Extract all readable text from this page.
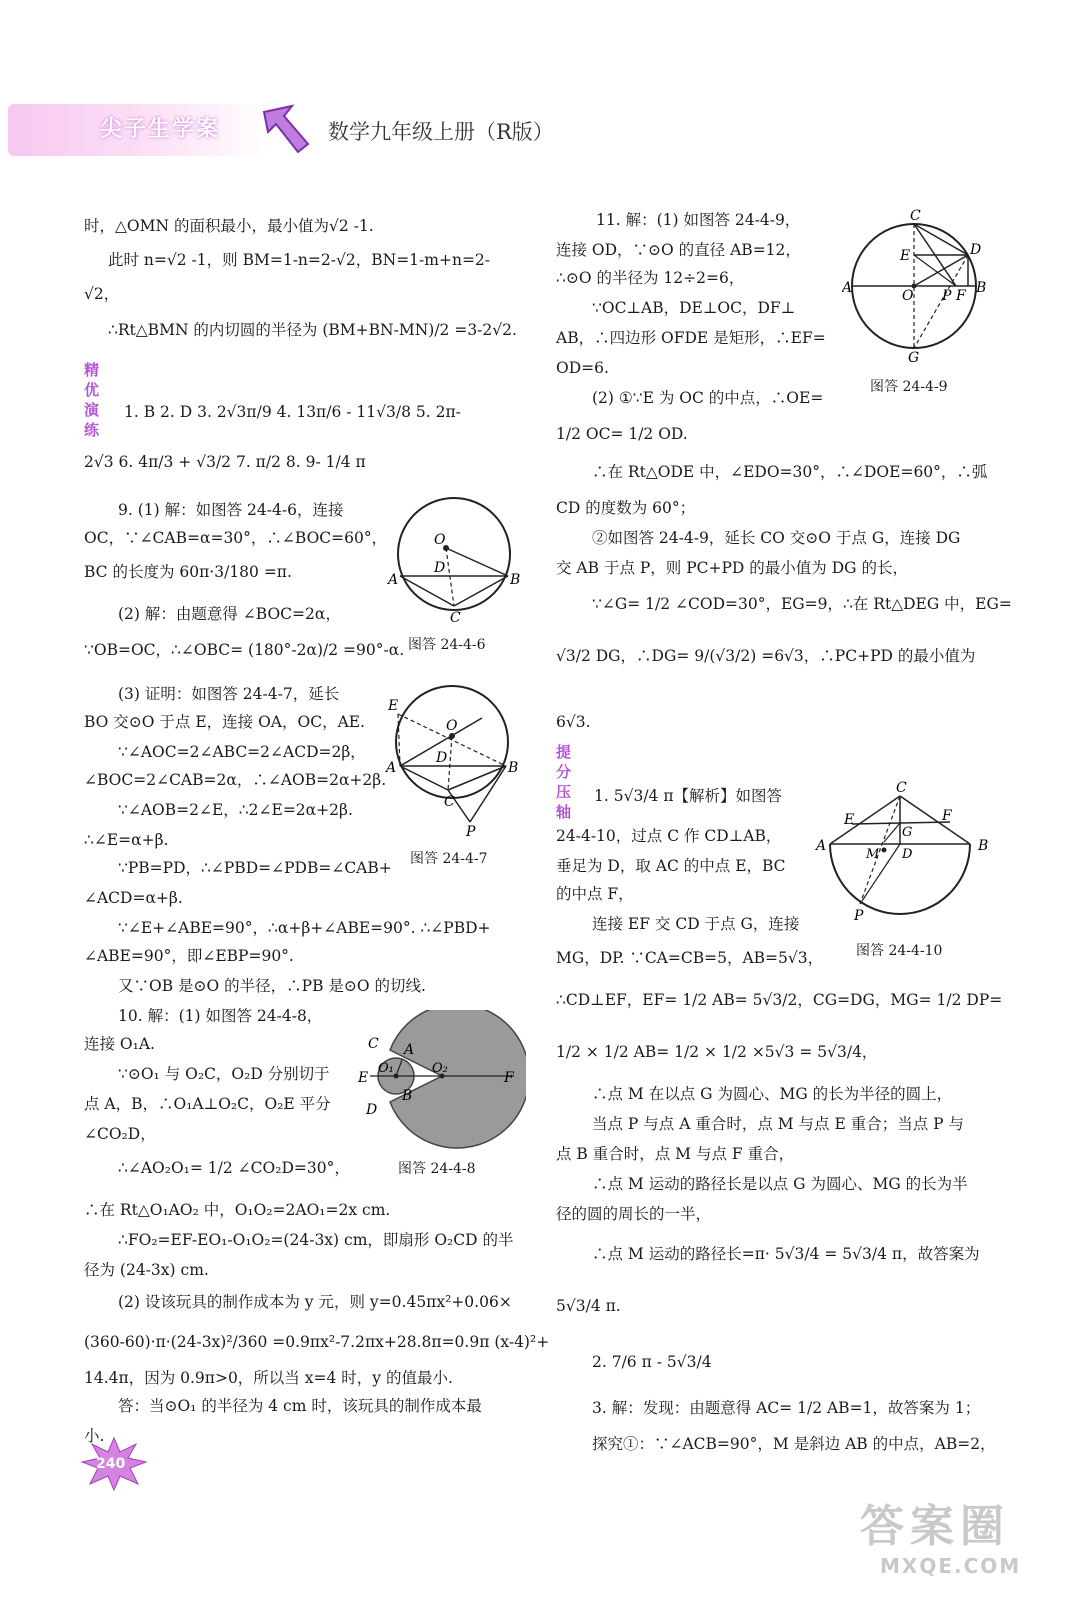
尖子生学案	数学九年级上册（R版）
时，△OMN 的面积最小，最小值为√2 -1.
此时 n=√2 -1，则 BM=1-n=2-√2，BN=1-m+n=2-
√2，
∴Rt△BMN 的内切圆的半径为 (BM+BN-MN)/2 =3-2√2.
精优演练
1. B 2. D 3. 2√3π/9 4. 13π/6 - 11√3/8 5. 2π-
2√3 6. 4π/3 + √3/2 7. π/2 8. 9- 1/4 π
9. (1) 解：如图答 24-4-6，连接
OC，∵∠CAB=α=30°，∴∠BOC=60°，
BC 的长度为 60π·3/180 =π.
(2) 解：由题意得 ∠BOC=2α，
∵OB=OC，∴∠OBC= (180°-2α)/2 =90°-α.
(3) 证明：如图答 24-4-7，延长
BO 交⊙O 于点 E，连接 OA，OC，AE.
∵∠AOC=2∠ABC=2∠ACD=2β，
∠BOC=2∠CAB=2α，∴∠AOB=2α+2β.
∵∠AOB=2∠E，∴2∠E=2α+2β.
∴∠E=α+β.
∵PB=PD，∴∠PBD=∠PDB=∠CAB+
∠ACD=α+β.
∵∠E+∠ABE=90°，∴α+β+∠ABE=90°. ∴∠PBD+
∠ABE=90°，即∠EBP=90°.
又∵OB 是⊙O 的半径，∴PB 是⊙O 的切线.
10. 解：(1) 如图答 24-4-8，
连接 O₁A.
∵⊙O₁ 与 O₂C，O₂D 分别切于
点 A，B，∴O₁A⊥O₂C，O₂E 平分
∠CO₂D，
∴∠AO₂O₁= 1/2 ∠CO₂D=30°，
∴在 Rt△O₁AO₂ 中，O₁O₂=2AO₁=2x cm.
∴FO₂=EF-EO₁-O₁O₂=(24-3x) cm，即扇形 O₂CD 的半
径为 (24-3x) cm.
(2) 设该玩具的制作成本为 y 元，则 y=0.45πx²+0.06×
(360-60)·π·(24-3x)²/360 =0.9πx²-7.2πx+28.8π=0.9π (x-4)²+
14.4π，因为 0.9π>0，所以当 x=4 时，y 的值最小.
答：当⊙O₁ 的半径为 4 cm 时，该玩具的制作成本最
小.
O
D
A	B
C
图答 24-4-6
E
O
D
A	B
C
P
图答 24-4-7
C A
E
O₁	O₂
F
B
D
图答 24-4-8
11. 解：(1) 如图答 24-4-9，
连接 OD，∵⊙O 的直径 AB=12，
∴⊙O 的半径为 12÷2=6，
∵OC⊥AB，DE⊥OC，DF⊥
AB，∴四边形 OFDE 是矩形，∴EF=
OD=6.
(2) ①∵E 为 OC 的中点，∴OE=
1/2 OC= 1/2 OD.
∴在 Rt△ODE 中，∠EDO=30°，∴∠DOE=60°，∴弧
CD 的度数为 60°；
②如图答 24-4-9，延长 CO 交⊙O 于点 G，连接 DG
交 AB 于点 P，则 PC+PD 的最小值为 DG 的长，
∵∠G= 1/2 ∠COD=30°，EG=9，∴在 Rt△DEG 中，EG=
√3/2 DG，∴DG= 9/(√3/2) =6√3，∴PC+PD 的最小值为
6√3.
提分压轴
1. 5√3/4 π【解析】如图答
24-4-10，过点 C 作 CD⊥AB，
垂足为 D，取 AC 的中点 E，BC
的中点 F，
连接 EF 交 CD 于点 G，连接
MG，DP. ∵CA=CB=5，AB=5√3，
∴CD⊥EF，EF= 1/2 AB= 5√3/2，CG=DG，MG= 1/2 DP=
1/2 × 1/2 AB= 1/2 × 1/2 ×5√3 = 5√3/4，
∴点 M 在以点 G 为圆心、MG 的长为半径的圆上，
当点 P 与点 A 重合时，点 M 与点 E 重合；当点 P 与
点 B 重合时，点 M 与点 F 重合，
∴点 M 运动的路径长是以点 G 为圆心、MG 的长为半
径的圆的周长的一半，
∴点 M 运动的路径长=π· 5√3/4 = 5√3/4 π，故答案为
5√3/4 π.
2. 7/6 π - 5√3/4
3. 解：发现：由题意得 AC= 1/2 AB=1，故答案为 1；
探究①：∵∠ACB=90°，M 是斜边 AB 的中点，AB=2，
C
D
E
A	O P F B
G
图答 24-4-9
C
E	F
G
A	B
M D
P
图答 24-4-10
240
答案圈
MXQE.COM
